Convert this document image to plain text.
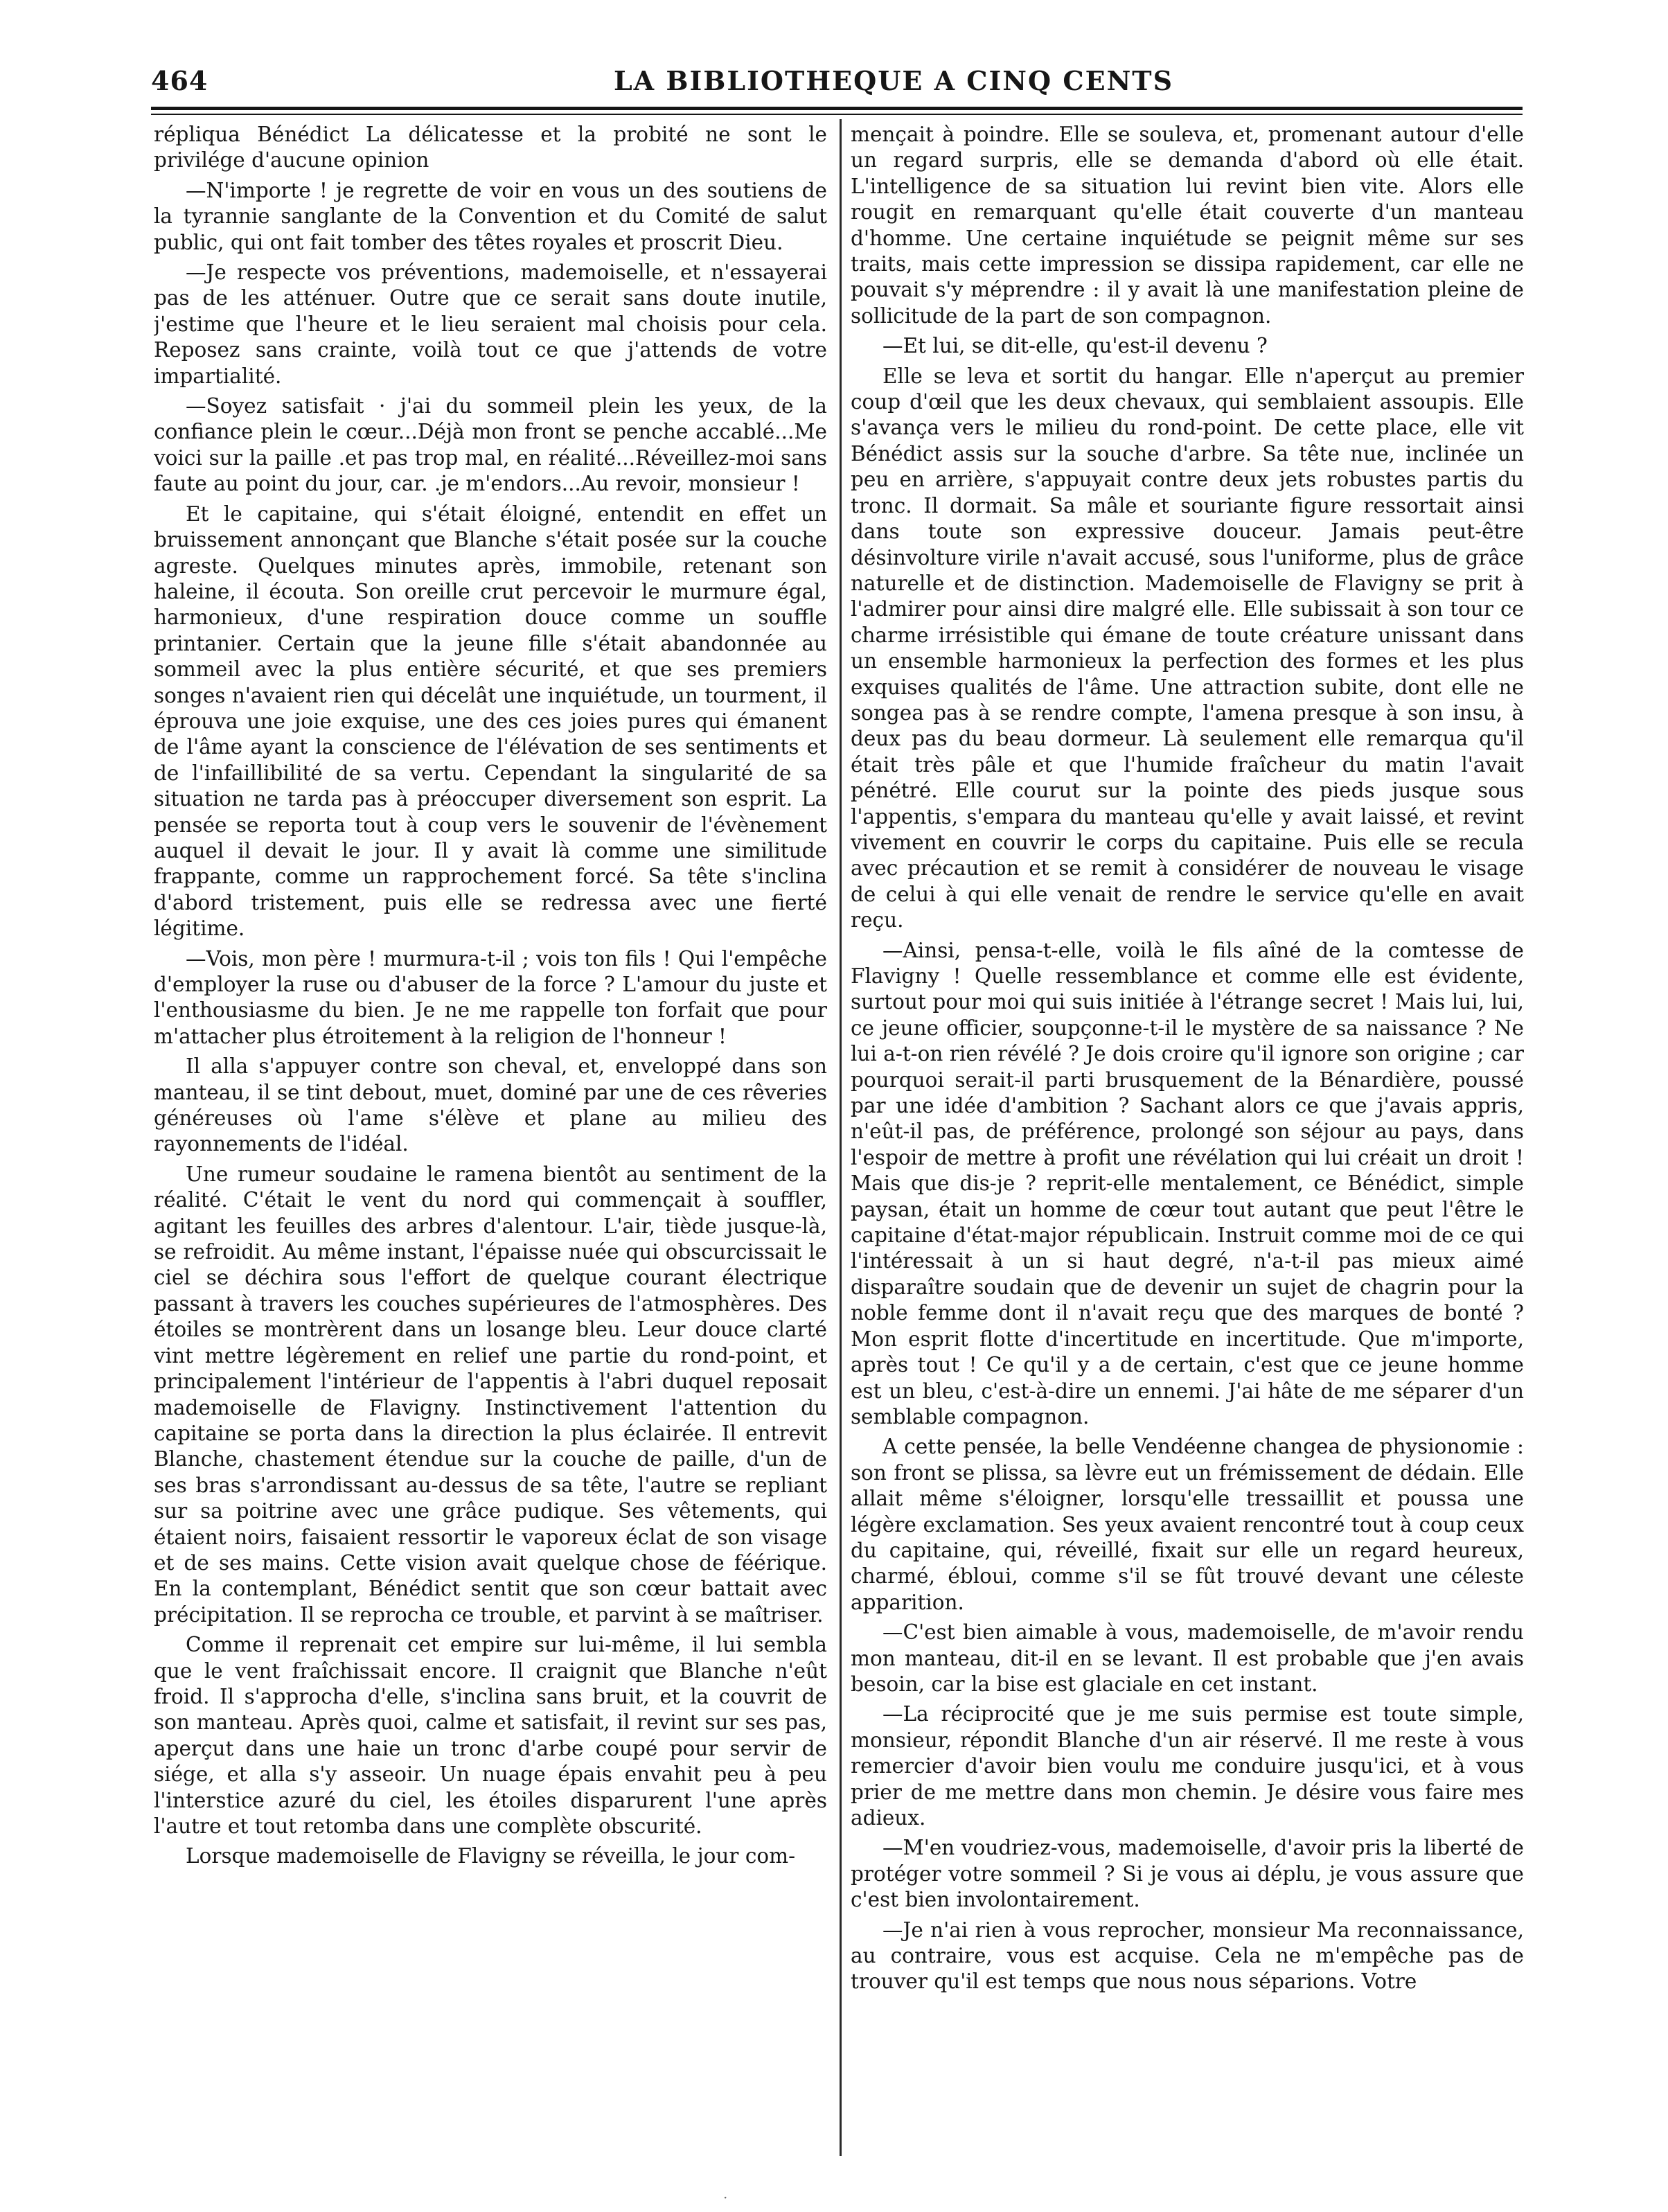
464	LA BIBLIOTHEQUE A CINQ CENTS

répliqua Bénédict La délicatesse et la probité ne sont le privilége d'aucune opinion

—N'importe ! je regrette de voir en vous un des soutiens de la tyrannie sanglante de la Convention et du Comité de salut public, qui ont fait tomber des têtes royales et proscrit Dieu.

—Je respecte vos préventions, mademoiselle, et n'essayerai pas de les atténuer. Outre que ce serait sans doute inutile, j'estime que l'heure et le lieu seraient mal choisis pour cela. Reposez sans crainte, voilà tout ce que j'attends de votre impartialité.

—Soyez satisfait · j'ai du sommeil plein les yeux, de la confiance plein le cœur...Déjà mon front se penche accablé...Me voici sur la paille .et pas trop mal, en réalité...Réveillez-moi sans faute au point du jour, car. .je m'endors...Au revoir, monsieur !

Et le capitaine, qui s'était éloigné, entendit en effet un bruissement annonçant que Blanche s'était posée sur la couche agreste. Quelques minutes après, immobile, retenant son haleine, il écouta. Son oreille crut percevoir le murmure égal, harmonieux, d'une respiration douce comme un souffle printanier. Certain que la jeune fille s'était abandonnée au sommeil avec la plus entière sécurité, et que ses premiers songes n'avaient rien qui décelât une inquiétude, un tourment, il éprouva une joie exquise, une des ces joies pures qui émanent de l'âme ayant la conscience de l'élévation de ses sentiments et de l'infaillibilité de sa vertu. Cependant la singularité de sa situation ne tarda pas à préoccuper diversement son esprit. La pensée se reporta tout à coup vers le souvenir de l'évènement auquel il devait le jour. Il y avait là comme une similitude frappante, comme un rapprochement forcé. Sa tête s'inclina d'abord tristement, puis elle se redressa avec une fierté légitime.

—Vois, mon père ! murmura-t-il ; vois ton fils ! Qui l'empêche d'employer la ruse ou d'abuser de la force ? L'amour du juste et l'enthousiasme du bien. Je ne me rappelle ton forfait que pour m'attacher plus étroitement à la religion de l'honneur !

Il alla s'appuyer contre son cheval, et, enveloppé dans son manteau, il se tint debout, muet, dominé par une de ces rêveries généreuses où l'ame s'élève et plane au milieu des rayonnements de l'idéal.

Une rumeur soudaine le ramena bientôt au sentiment de la réalité. C'était le vent du nord qui commençait à souffler, agitant les feuilles des arbres d'alentour. L'air, tiède jusque-là, se refroidit. Au même instant, l'épaisse nuée qui obscurcissait le ciel se déchira sous l'effort de quelque courant électrique passant à travers les couches supérieures de l'atmosphères. Des étoiles se montrèrent dans un losange bleu. Leur douce clarté vint mettre légèrement en relief une partie du rond-point, et principalement l'intérieur de l'appentis à l'abri duquel reposait mademoiselle de Flavigny. Instinctivement l'attention du capitaine se porta dans la direction la plus éclairée. Il entrevit Blanche, chastement étendue sur la couche de paille, d'un de ses bras s'arrondissant au-dessus de sa tête, l'autre se repliant sur sa poitrine avec une grâce pudique. Ses vêtements, qui étaient noirs, faisaient ressortir le vaporeux éclat de son visage et de ses mains. Cette vision avait quelque chose de féérique. En la contemplant, Bénédict sentit que son cœur battait avec précipitation. Il se reprocha ce trouble, et parvint à se maîtriser.

Comme il reprenait cet empire sur lui-même, il lui sembla que le vent fraîchissait encore. Il craignit que Blanche n'eût froid. Il s'approcha d'elle, s'inclina sans bruit, et la couvrit de son manteau. Après quoi, calme et satisfait, il revint sur ses pas, aperçut dans une haie un tronc d'arbe coupé pour servir de siége, et alla s'y asseoir. Un nuage épais envahit peu à peu l'interstice azuré du ciel, les étoiles disparurent l'une après l'autre et tout retomba dans une complète obscurité.

Lorsque mademoiselle de Flavigny se réveilla, le jour com-

mençait à poindre. Elle se souleva, et, promenant autour d'elle un regard surpris, elle se demanda d'abord où elle était. L'intelligence de sa situation lui revint bien vite. Alors elle rougit en remarquant qu'elle était couverte d'un manteau d'homme. Une certaine inquiétude se peignit même sur ses traits, mais cette impression se dissipa rapidement, car elle ne pouvait s'y méprendre : il y avait là une manifestation pleine de sollicitude de la part de son compagnon.

—Et lui, se dit-elle, qu'est-il devenu ?

Elle se leva et sortit du hangar. Elle n'aperçut au premier coup d'œil que les deux chevaux, qui semblaient assoupis. Elle s'avança vers le milieu du rond-point. De cette place, elle vit Bénédict assis sur la souche d'arbre. Sa tête nue, inclinée un peu en arrière, s'appuyait contre deux jets robustes partis du tronc. Il dormait. Sa mâle et souriante figure ressortait ainsi dans toute son expressive douceur. Jamais peut-être désinvolture virile n'avait accusé, sous l'uniforme, plus de grâce naturelle et de distinction. Mademoiselle de Flavigny se prit à l'admirer pour ainsi dire malgré elle. Elle subissait à son tour ce charme irrésistible qui émane de toute créature unissant dans un ensemble harmonieux la perfection des formes et les plus exquises qualités de l'âme. Une attraction subite, dont elle ne songea pas à se rendre compte, l'amena presque à son insu, à deux pas du beau dormeur. Là seulement elle remarqua qu'il était très pâle et que l'humide fraîcheur du matin l'avait pénétré. Elle courut sur la pointe des pieds jusque sous l'appentis, s'empara du manteau qu'elle y avait laissé, et revint vivement en couvrir le corps du capitaine. Puis elle se recula avec précaution et se remit à considérer de nouveau le visage de celui à qui elle venait de rendre le service qu'elle en avait reçu.

—Ainsi, pensa-t-elle, voilà le fils aîné de la comtesse de Flavigny ! Quelle ressemblance et comme elle est évidente, surtout pour moi qui suis initiée à l'étrange secret ! Mais lui, lui, ce jeune officier, soupçonne-t-il le mystère de sa naissance ? Ne lui a-t-on rien révélé ? Je dois croire qu'il ignore son origine ; car pourquoi serait-il parti brusquement de la Bénardière, poussé par une idée d'ambition ? Sachant alors ce que j'avais appris, n'eût-il pas, de préférence, prolongé son séjour au pays, dans l'espoir de mettre à profit une révélation qui lui créait un droit ! Mais que dis-je ? reprit-elle mentalement, ce Bénédict, simple paysan, était un homme de cœur tout autant que peut l'être le capitaine d'état-major républicain. Instruit comme moi de ce qui l'intéressait à un si haut degré, n'a-t-il pas mieux aimé disparaître soudain que de devenir un sujet de chagrin pour la noble femme dont il n'avait reçu que des marques de bonté ? Mon esprit flotte d'incertitude en incertitude. Que m'importe, après tout ! Ce qu'il y a de certain, c'est que ce jeune homme est un bleu, c'est-à-dire un ennemi. J'ai hâte de me séparer d'un semblable compagnon.

A cette pensée, la belle Vendéenne changea de physionomie : son front se plissa, sa lèvre eut un frémissement de dédain. Elle allait même s'éloigner, lorsqu'elle tressaillit et poussa une légère exclamation. Ses yeux avaient rencontré tout à coup ceux du capitaine, qui, réveillé, fixait sur elle un regard heureux, charmé, ébloui, comme s'il se fût trouvé devant une céleste apparition.

—C'est bien aimable à vous, mademoiselle, de m'avoir rendu mon manteau, dit-il en se levant. Il est probable que j'en avais besoin, car la bise est glaciale en cet instant.

—La réciprocité que je me suis permise est toute simple, monsieur, répondit Blanche d'un air réservé. Il me reste à vous remercier d'avoir bien voulu me conduire jusqu'ici, et à vous prier de me mettre dans mon chemin. Je désire vous faire mes adieux.

—M'en voudriez-vous, mademoiselle, d'avoir pris la liberté de protéger votre sommeil ? Si je vous ai déplu, je vous assure que c'est bien involontairement.

—Je n'ai rien à vous reprocher, monsieur Ma reconnaissance, au contraire, vous est acquise. Cela ne m'empêche pas de trouver qu'il est temps que nous nous séparions. Votre

·
